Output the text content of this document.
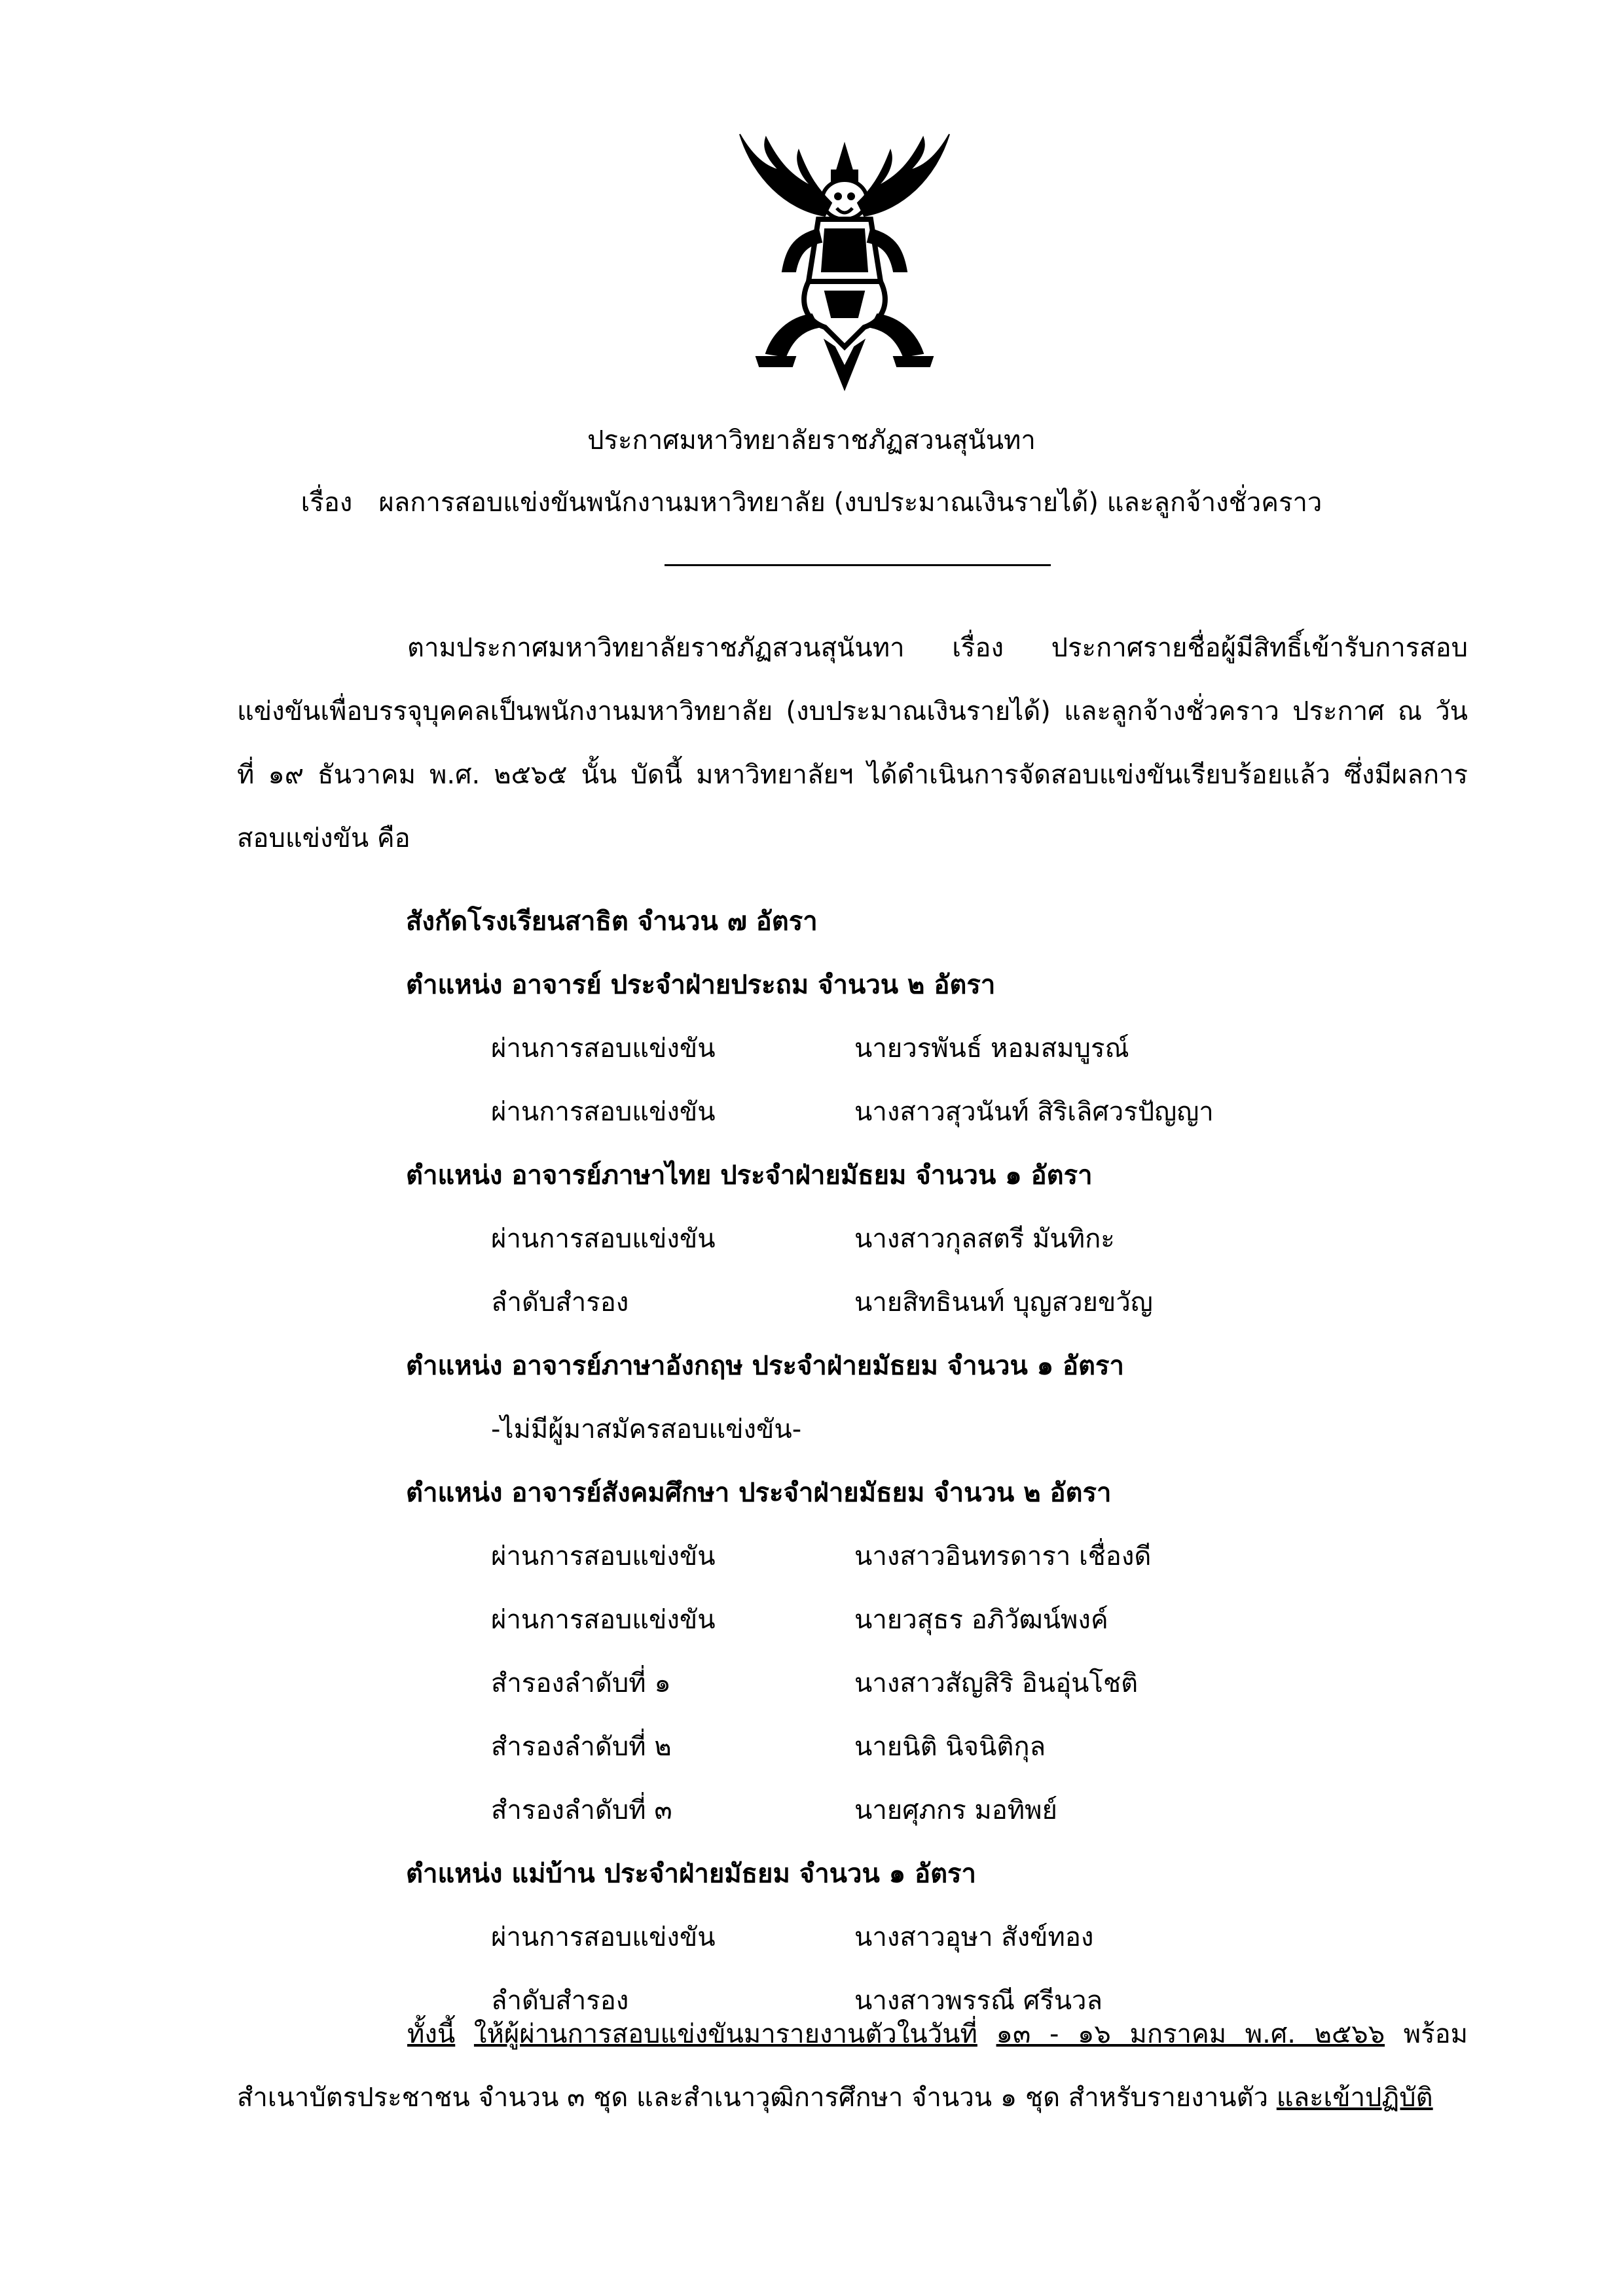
ประกาศมหาวิทยาลัยราชภัฏสวนสุนันทา
เรื่อง ผลการสอบแข่งขันพนักงานมหาวิทยาลัย (งบประมาณเงินรายได้) และลูกจ้างชั่วคราว
ตามประกาศมหาวิทยาลัยราชภัฏสวนสุนันทา เรื่อง ประกาศรายชื่อผู้มีสิทธิ์เข้ารับการสอบ
แข่งขันเพื่อบรรจุบุคคลเป็นพนักงานมหาวิทยาลัย (งบประมาณเงินรายได้) และลูกจ้างชั่วคราว ประกาศ ณ วัน
ที่ ๑๙ ธันวาคม พ.ศ. ๒๕๖๕ นั้น บัดนี้ มหาวิทยาลัยฯ ได้ดำเนินการจัดสอบแข่งขันเรียบร้อยแล้ว ซึ่งมีผลการ
สอบแข่งขัน คือ
สังกัดโรงเรียนสาธิต จำนวน ๗ อัตรา
ตำแหน่ง อาจารย์ ประจำฝ่ายประถม จำนวน ๒ อัตรา
ผ่านการสอบแข่งขัน	นายวรพันธ์ หอมสมบูรณ์
ผ่านการสอบแข่งขัน	นางสาวสุวนันท์ สิริเลิศวรปัญญา
ตำแหน่ง อาจารย์ภาษาไทย ประจำฝ่ายมัธยม จำนวน ๑ อัตรา
ผ่านการสอบแข่งขัน	นางสาวกุลสตรี มันทิกะ
ลำดับสำรอง	นายสิทธินนท์ บุญสวยขวัญ
ตำแหน่ง อาจารย์ภาษาอังกฤษ ประจำฝ่ายมัธยม จำนวน ๑ อัตรา
-ไม่มีผู้มาสมัครสอบแข่งขัน-
ตำแหน่ง อาจารย์สังคมศึกษา ประจำฝ่ายมัธยม จำนวน ๒ อัตรา
ผ่านการสอบแข่งขัน	นางสาวอินทรดารา เชื่องดี
ผ่านการสอบแข่งขัน	นายวสุธร อภิวัฒน์พงค์
สำรองลำดับที่ ๑	นางสาวสัญสิริ อินอุ่นโชติ
สำรองลำดับที่ ๒	นายนิติ นิจนิติกุล
สำรองลำดับที่ ๓	นายศุภกร มอทิพย์
ตำแหน่ง แม่บ้าน ประจำฝ่ายมัธยม จำนวน ๑ อัตรา
ผ่านการสอบแข่งขัน	นางสาวอุษา สังข์ทอง
ลำดับสำรอง	นางสาวพรรณี ศรีนวล
ทั้งนี้ ให้ผู้ผ่านการสอบแข่งขันมารายงานตัวในวันที่ ๑๓ - ๑๖ มกราคม พ.ศ. ๒๕๖๖ พร้อม
สำเนาบัตรประชาชน จำนวน ๓ ชุด และสำเนาวุฒิการศึกษา จำนวน ๑ ชุด สำหรับรายงานตัว และเข้าปฏิบัติ
